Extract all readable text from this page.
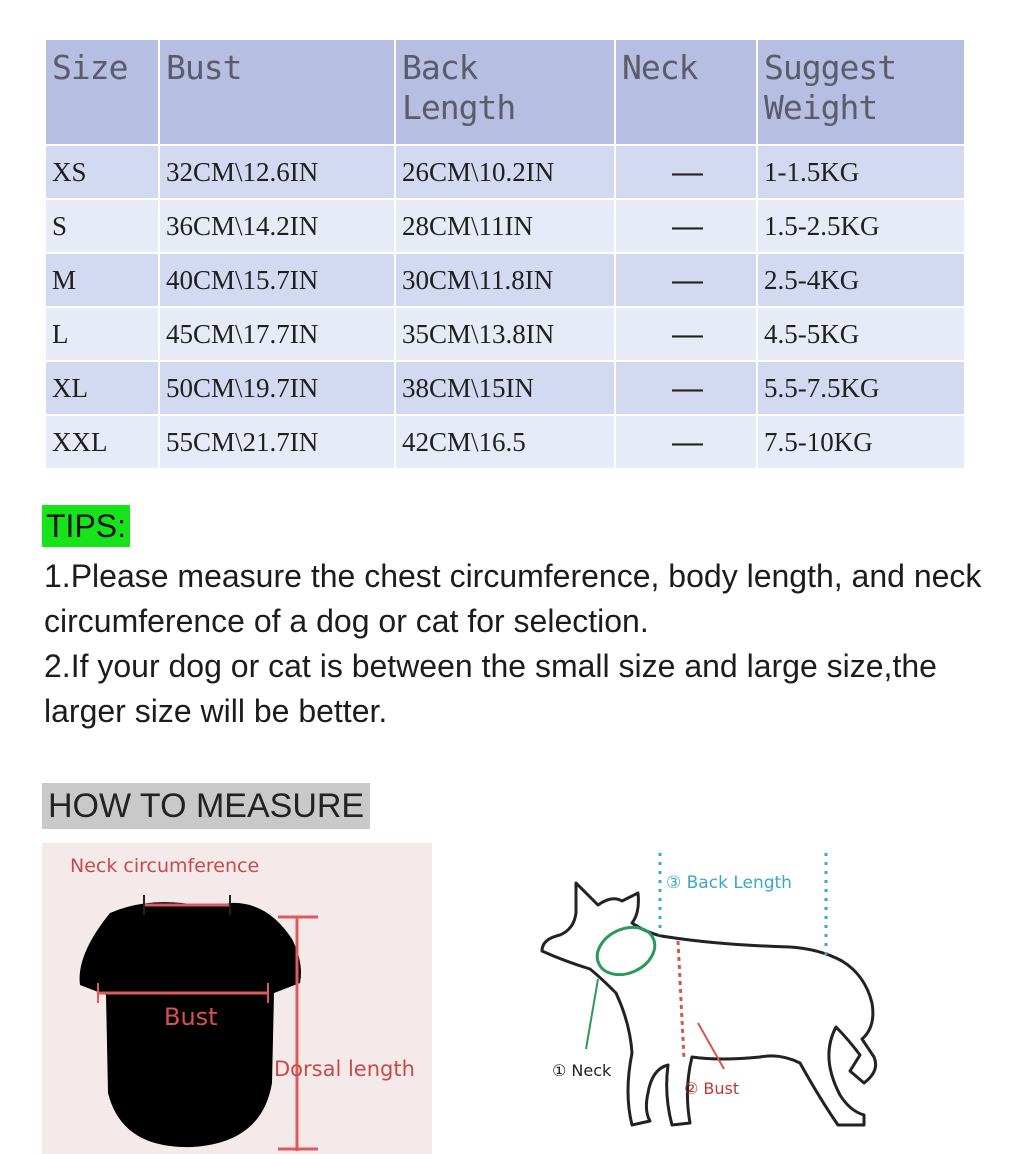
Size	Bust	Back Length	Neck	Suggest Weight
XS	32CM\12.6IN	26CM\10.2IN	-----	1-1.5KG
S	36CM\14.2IN	28CM\11IN	-----	1.5-2.5KG
M	40CM\15.7IN	30CM\11.8IN	-----	2.5-4KG
L	45CM\17.7IN	35CM\13.8IN	-----	4.5-5KG
XL	50CM\19.7IN	38CM\15IN	-----	5.5-7.5KG
XXL	55CM\21.7IN	42CM\16.5	-----	7.5-10KG
TIPS:

1.Please measure the chest circumference, body length, and neck circumference of a dog or cat for selection.

2.If your dog or cat is between the small size and large size,the larger size will be better.

HOW TO MEASURE
Neck circumference
Bust
Dorsal length
③ Back Length
① Neck
② Bust
